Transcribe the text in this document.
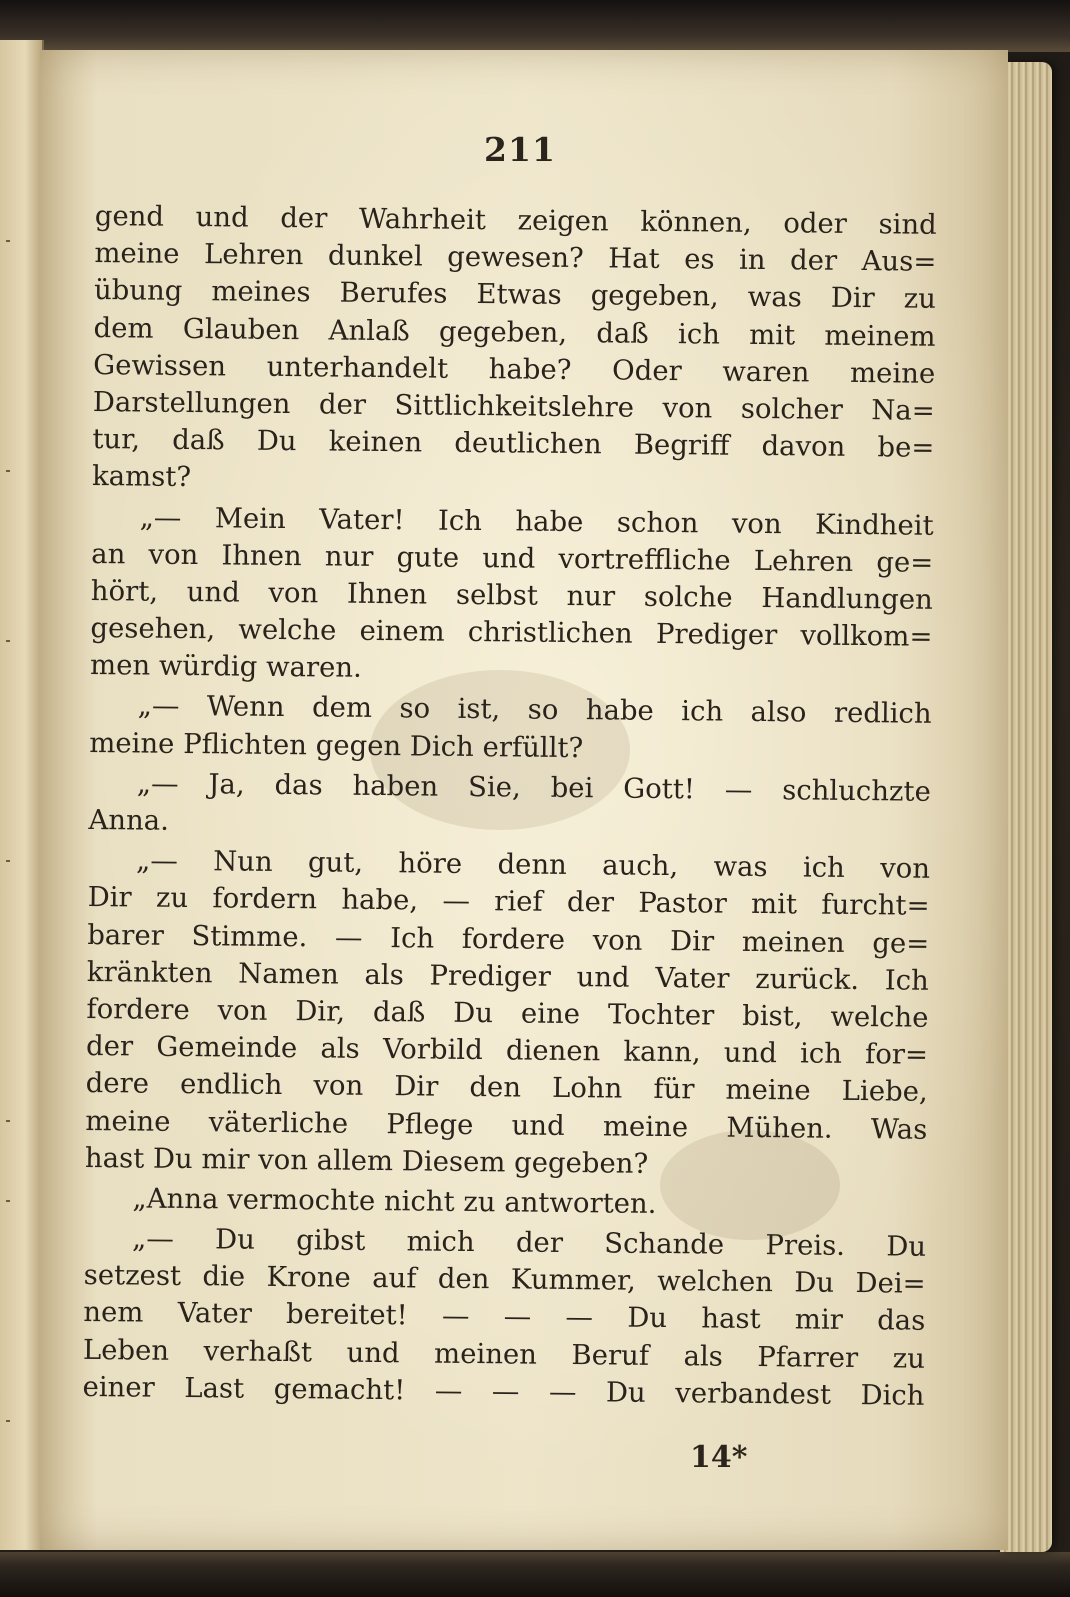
211
gend und der Wahrheit zeigen können, oder sind
meine Lehren dunkel gewesen? Hat es in der Aus=
übung meines Berufes Etwas gegeben, was Dir zu
dem Glauben Anlaß gegeben, daß ich mit meinem
Gewissen unterhandelt habe? Oder waren meine
Darstellungen der Sittlichkeitslehre von solcher Na=
tur, daß Du keinen deutlichen Begriff davon be=
kamst?
„— Mein Vater! Ich habe schon von Kindheit
an von Ihnen nur gute und vortreffliche Lehren ge=
hört, und von Ihnen selbst nur solche Handlungen
gesehen, welche einem christlichen Prediger vollkom=
men würdig waren.
„— Wenn dem so ist, so habe ich also redlich
meine Pflichten gegen Dich erfüllt?
„— Ja, das haben Sie, bei Gott! — schluchzte
Anna.
„— Nun gut, höre denn auch, was ich von
Dir zu fordern habe, — rief der Pastor mit furcht=
barer Stimme. — Ich fordere von Dir meinen ge=
kränkten Namen als Prediger und Vater zurück. Ich
fordere von Dir, daß Du eine Tochter bist, welche
der Gemeinde als Vorbild dienen kann, und ich for=
dere endlich von Dir den Lohn für meine Liebe,
meine väterliche Pflege und meine Mühen. Was
hast Du mir von allem Diesem gegeben?
„Anna vermochte nicht zu antworten.
„— Du gibst mich der Schande Preis. Du
setzest die Krone auf den Kummer, welchen Du Dei=
nem Vater bereitet! — — — Du hast mir das
Leben verhaßt und meinen Beruf als Pfarrer zu
einer Last gemacht! — — — Du verbandest Dich
14*
